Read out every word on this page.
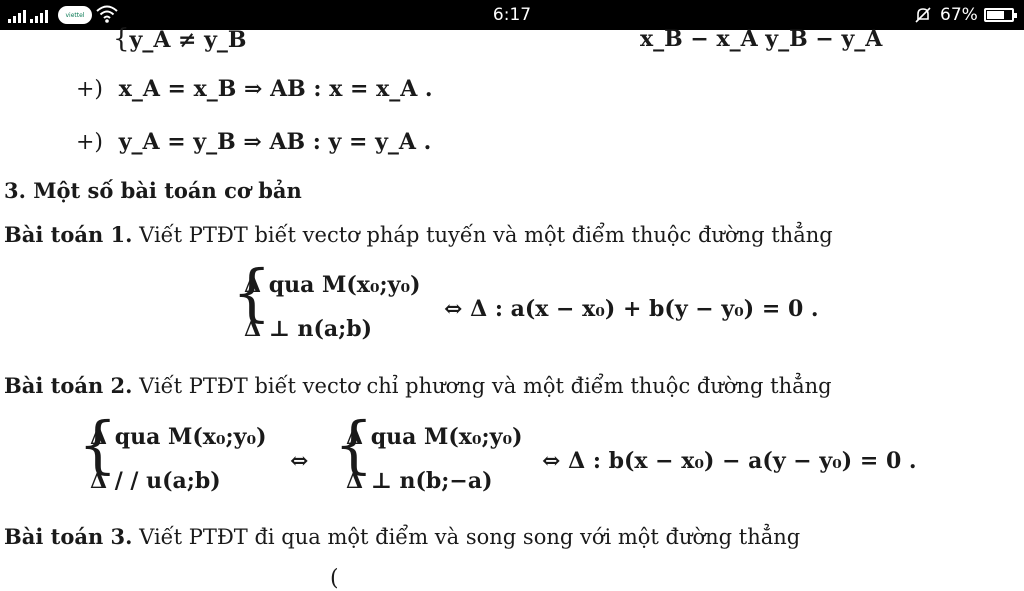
viettel	6:17	67%
{y_A ≠ y_B	x_B − x_A y_B − y_A
+) x_A = x_B ⇒ AB : x = x_A .
+) y_A = y_B ⇒ AB : y = y_A .
3. Một số bài toán cơ bản
Bài toán 1. Viết PTĐT biết vectơ pháp tuyến và một điểm thuộc đường thẳng
{
Δ qua M(x₀;y₀)
Δ ⊥ n(a;b)
⇔ Δ : a(x − x₀) + b(y − y₀) = 0 .
Bài toán 2. Viết PTĐT biết vectơ chỉ phương và một điểm thuộc đường thẳng
{
Δ qua M(x₀;y₀)
Δ / / u(a;b)
⇔ {
Δ qua M(x₀;y₀)
Δ ⊥ n(b;−a)
⇔ Δ : b(x − x₀) − a(y − y₀) = 0 .
Bài toán 3. Viết PTĐT đi qua một điểm và song song với một đường thẳng
(
